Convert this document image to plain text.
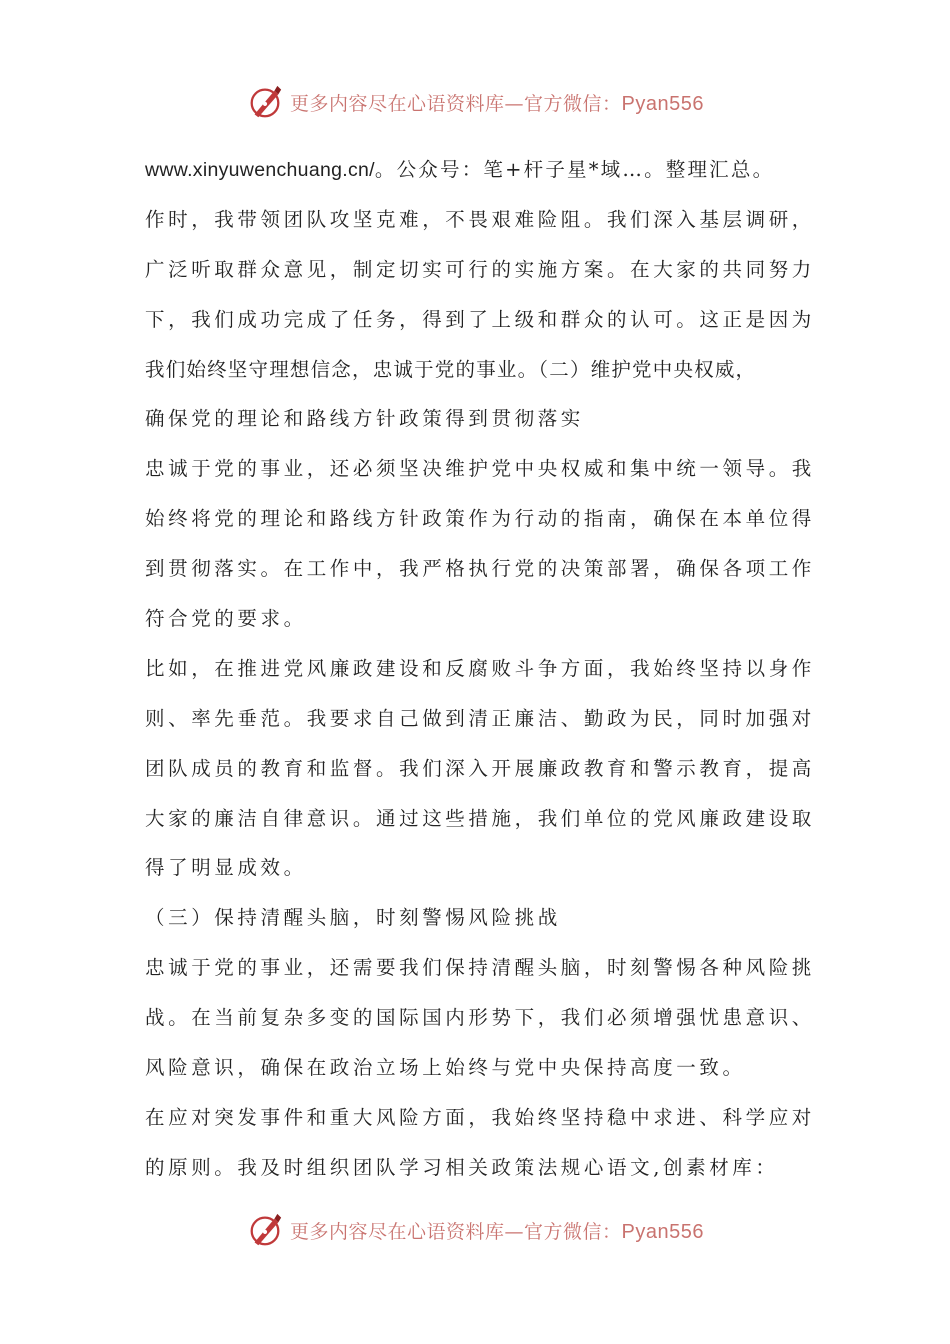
更多内容尽在心语资料库—官方微信：Pyan556
www.xinyuwenchuang.cn/。公众号：笔+杆子星*域…。整理汇总。
作时，我带领团队攻坚克难，不畏艰难险阻。我们深入基层调研，
广泛听取群众意见，制定切实可行的实施方案。在大家的共同努力
下，我们成功完成了任务，得到了上级和群众的认可。这正是因为
我们始终坚守理想信念，忠诚于党的事业。（二）维护党中央权威，
确保党的理论和路线方针政策得到贯彻落实
忠诚于党的事业，还必须坚决维护党中央权威和集中统一领导。我
始终将党的理论和路线方针政策作为行动的指南，确保在本单位得
到贯彻落实。在工作中，我严格执行党的决策部署，确保各项工作
符合党的要求。
比如，在推进党风廉政建设和反腐败斗争方面，我始终坚持以身作
则、率先垂范。我要求自己做到清正廉洁、勤政为民，同时加强对
团队成员的教育和监督。我们深入开展廉政教育和警示教育，提高
大家的廉洁自律意识。通过这些措施，我们单位的党风廉政建设取
得了明显成效。
（三）保持清醒头脑，时刻警惕风险挑战
忠诚于党的事业，还需要我们保持清醒头脑，时刻警惕各种风险挑
战。在当前复杂多变的国际国内形势下，我们必须增强忧患意识、
风险意识，确保在政治立场上始终与党中央保持高度一致。
在应对突发事件和重大风险方面，我始终坚持稳中求进、科学应对
的原则。我及时组织团队学习相关政策法规心语文,创素材库：
更多内容尽在心语资料库—官方微信：Pyan556
